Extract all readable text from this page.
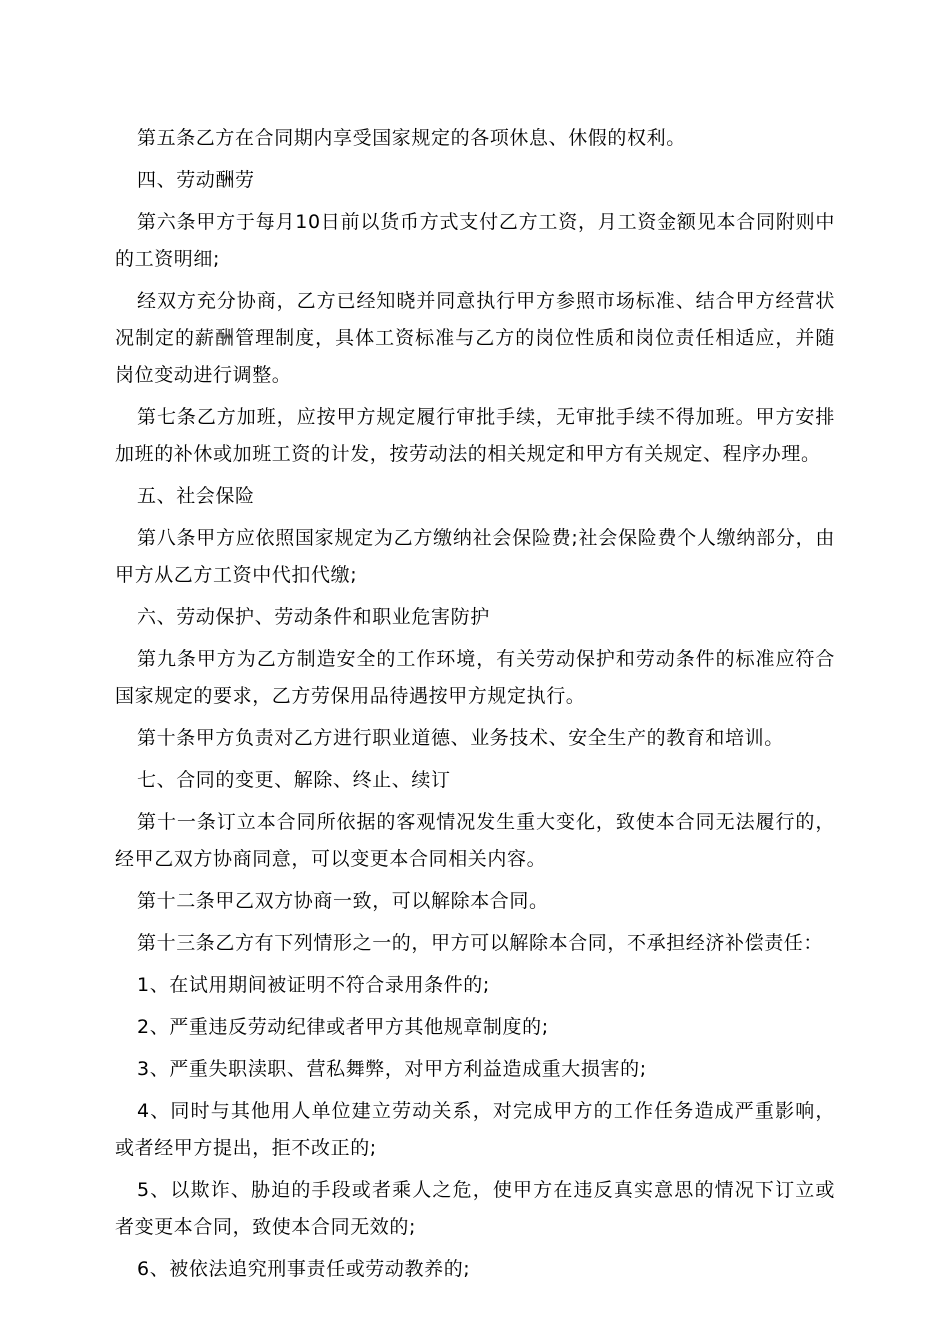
第五条乙方在合同期内享受国家规定的各项休息、休假的权利。

四、劳动酬劳

第六条甲方于每月10日前以货币方式支付乙方工资，月工资金额见本合同附则中的工资明细;

经双方充分协商，乙方已经知晓并同意执行甲方参照市场标准、结合甲方经营状况制定的薪酬管理制度，具体工资标准与乙方的岗位性质和岗位责任相适应，并随岗位变动进行调整。

第七条乙方加班，应按甲方规定履行审批手续，无审批手续不得加班。甲方安排加班的补休或加班工资的计发，按劳动法的相关规定和甲方有关规定、程序办理。

五、社会保险

第八条甲方应依照国家规定为乙方缴纳社会保险费;社会保险费个人缴纳部分，由甲方从乙方工资中代扣代缴;

六、劳动保护、劳动条件和职业危害防护

第九条甲方为乙方制造安全的工作环境，有关劳动保护和劳动条件的标准应符合国家规定的要求，乙方劳保用品待遇按甲方规定执行。

第十条甲方负责对乙方进行职业道德、业务技术、安全生产的教育和培训。

七、合同的变更、解除、终止、续订

第十一条订立本合同所依据的客观情况发生重大变化，致使本合同无法履行的，经甲乙双方协商同意，可以变更本合同相关内容。

第十二条甲乙双方协商一致，可以解除本合同。

第十三条乙方有下列情形之一的，甲方可以解除本合同，不承担经济补偿责任：

1、在试用期间被证明不符合录用条件的;

2、严重违反劳动纪律或者甲方其他规章制度的;

3、严重失职渎职、营私舞弊，对甲方利益造成重大损害的;

4、同时与其他用人单位建立劳动关系，对完成甲方的工作任务造成严重影响，或者经甲方提出，拒不改正的;

5、以欺诈、胁迫的手段或者乘人之危，使甲方在违反真实意思的情况下订立或者变更本合同，致使本合同无效的;

6、被依法追究刑事责任或劳动教养的;
